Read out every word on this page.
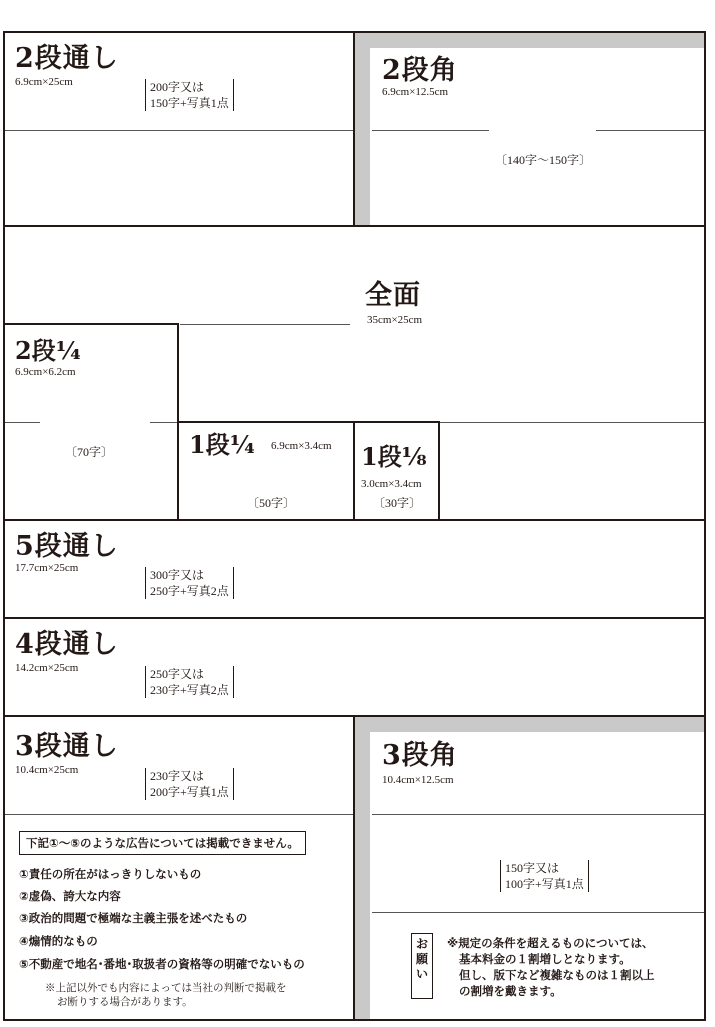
2段通し
6.9cm×25cm	200字又は
150字+写真1点
2段角
6.9cm×12.5cm
〔140字～150字〕
全面
35cm×25cm
2段¼
6.9cm×6.2cm
〔70字〕	1段¼ 6.9cm×3.4cm
〔50字〕
1段⅛
3.0cm×3.4cm
〔30字〕
5段通し
17.7cm×25cm	300字又は
250字+写真2点
4段通し
14.2cm×25cm	250字又は
230字+写真2点
3段通し
10.4cm×25cm	230字又は
200字+写真1点
下記①～⑤のような広告については掲載できません。
①責任の所在がはっきりしないもの
②虚偽、誇大な内容
③政治的問題で極端な主義主張を述べたもの
④煽情的なもの
⑤不動産で地名･番地･取扱者の資格等の明確でないもの
※上記以外でも内容によっては当社の判断で掲載を
お断りする場合があります。
3段角
10.4cm×12.5cm
150字又は
100字+写真1点
お
願
い
※規定の条件を超えるものについては、
基本料金の１割増しとなります。
但し、版下など複雑なものは１割以上
の割増を戴きます。
